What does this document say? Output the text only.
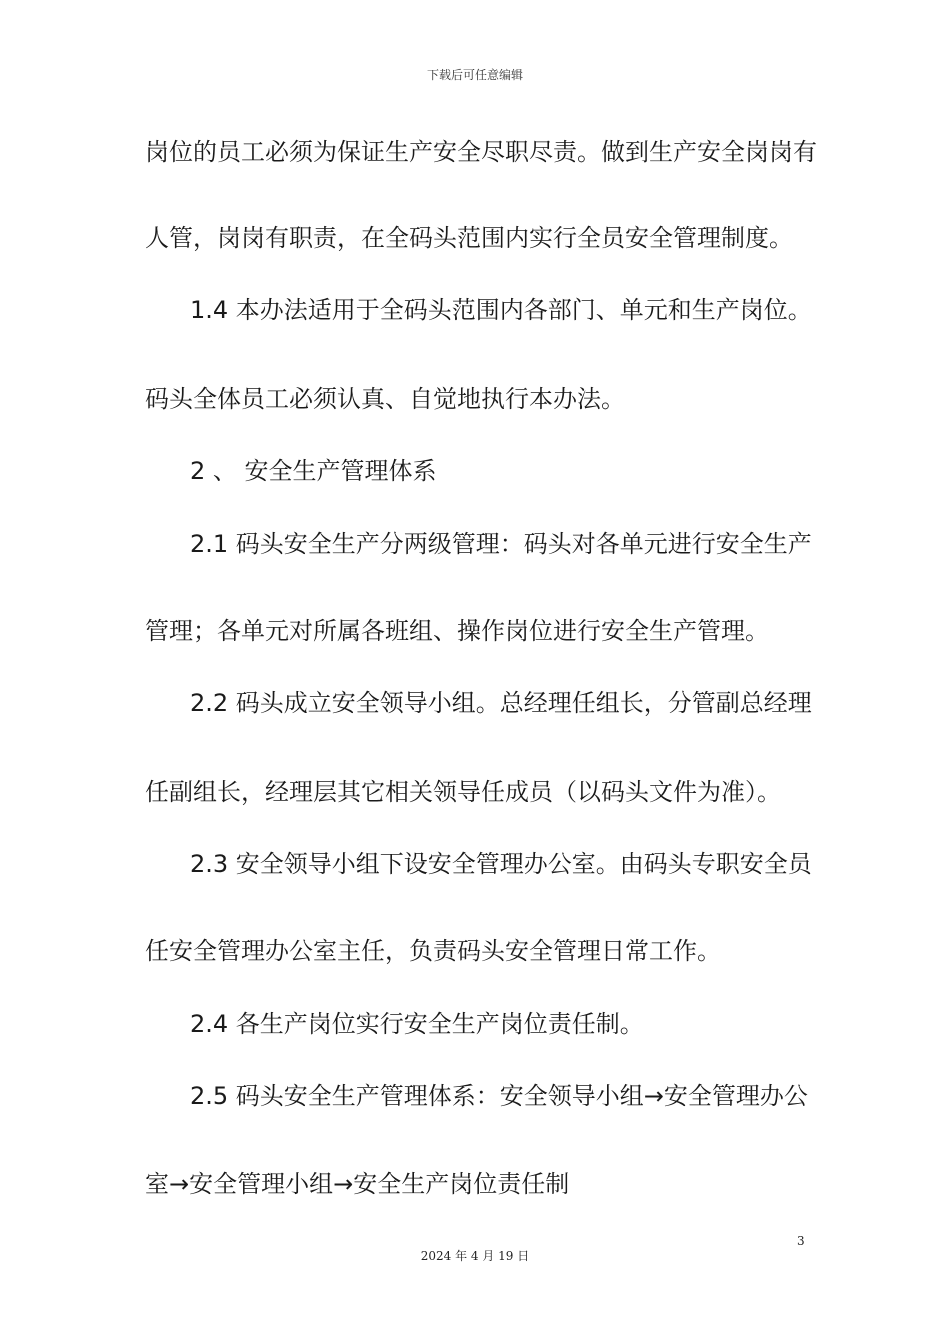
下载后可任意编辑
岗位的员工必须为保证生产安全尽职尽责。做到生产安全岗岗有
人管，岗岗有职责，在全码头范围内实行全员安全管理制度。
1.4 本办法适用于全码头范围内各部门、单元和生产岗位。
码头全体员工必须认真、自觉地执行本办法。
2 、 安全生产管理体系
2.1 码头安全生产分两级管理：码头对各单元进行安全生产
管理；各单元对所属各班组、操作岗位进行安全生产管理。
2.2 码头成立安全领导小组。总经理任组长，分管副总经理
任副组长，经理层其它相关领导任成员（以码头文件为准）。
2.3 安全领导小组下设安全管理办公室。由码头专职安全员
任安全管理办公室主任，负责码头安全管理日常工作。
2.4 各生产岗位实行安全生产岗位责任制。
2.5 码头安全生产管理体系：安全领导小组→安全管理办公
室→安全管理小组→安全生产岗位责任制
3
2024 年 4 月 19 日
